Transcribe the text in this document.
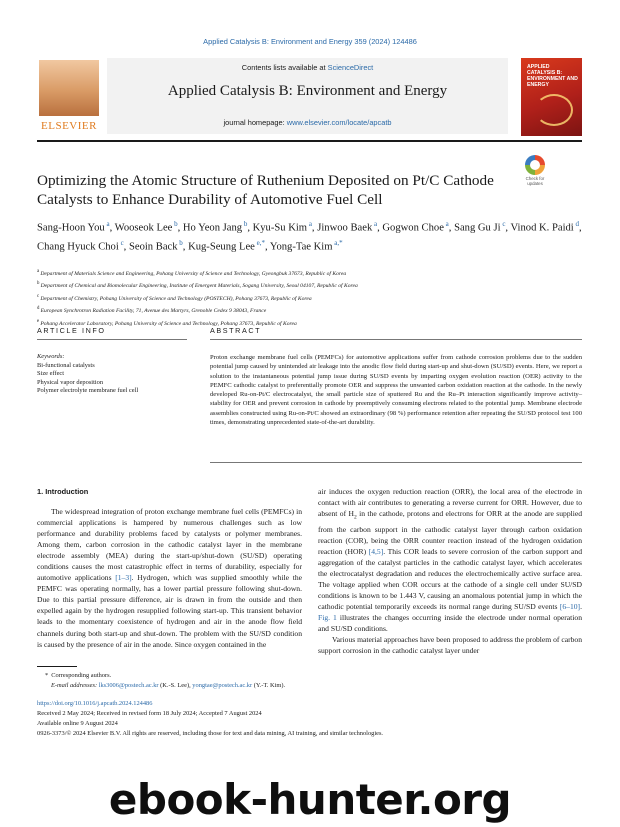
Applied Catalysis B: Environment and Energy 359 (2024) 124486
ELSEVIER
Contents lists available at ScienceDirect
Applied Catalysis B: Environment and Energy
journal homepage: www.elsevier.com/locate/apcatb
APPLIED CATALYSIS B: ENVIRONMENT AND ENERGY
Check for updates
Optimizing the Atomic Structure of Ruthenium Deposited on Pt/C Cathode Catalysts to Enhance Durability of Automotive Fuel Cell
Sang-Hoon You $^a$, Wooseok Lee $^b$, Ho Yeon Jang $^b$, Kyu-Su Kim $^a$, Jinwoo Baek $^a$, Gogwon Choe $^a$, Sang Gu Ji $^c$, Vinod K. Paidi $^d$, Chang Hyuck Choi $^c$, Seoin Back $^b$, Kug-Seung Lee $^{e,*}$, Yong-Tae Kim $^{a,*}$
$^a$ Department of Materials Science and Engineering, Pohang University of Science and Technology, Gyeongbuk 37673, Republic of Korea
$^b$ Department of Chemical and Biomolecular Engineering, Institute of Emergent Materials, Sogang University, Seoul 04107, Republic of Korea
$^c$ Department of Chemistry, Pohang University of Science and Technology (POSTECH), Pohang 37673, Republic of Korea
$^d$ European Synchrotron Radiation Facility, 71, Avenue des Martyrs, Grenoble Cedex 9 38043, France
$^e$ Pohang Accelerator Laboratory, Pohang University of Science and Technology, Pohang 37673, Republic of Korea
ARTICLE INFO	ABSTRACT
Keywords:
Bi-functional catalysts
Size effect
Physical vapor deposition
Polymer electrolyte membrane fuel cell
Proton exchange membrane fuel cells (PEMFCs) for automotive applications suffer from cathode corrosion problems due to the sudden potential jump caused by unintended air leakage into the anodic flow field during start-up and shut-down (SU/SD) events. Here, we report a solution to the instantaneous potential jump issue during SU/SD events by imparting oxygen evolution reaction (OER) activity to the PEMFC cathodic catalyst to preferentially promote OER and suppress the unwanted carbon oxidation reaction at the cathode. In the newly developed Ru-on-Pt/C electrocatalyst, the small particle size of sputtered Ru and the Ru–Pt interaction significantly improve activity–stability for OER and prevent corrosion in cathode by preemptively consuming electrons related to the potential jump. Membrane electrode assemblies constructed using Ru-on-Pt/C showed an extraordinary (98 %) performance retention after repeating the SU/SD protocol test 100 times, demonstrating unprecedented state-of-the-art durability.
1. Introduction

The widespread integration of proton exchange membrane fuel cells (PEMFCs) in commercial applications is hampered by numerous challenges such as low performance and durability problems faced by catalysts or polymer membranes. Among them, carbon corrosion in the cathodic catalyst layer in the membrane electrode assembly (MEA) during the start-up/shut-down (SU/SD) operating conditions causes the most catastrophic effect in terms of durability, especially for automotive applications [1–3]. Hydrogen, which was supplied smoothly while the PEMFC was operating normally, has a lower partial pressure following shut-down. Due to this partial pressure difference, air is drawn in from the outside and then expelled again by the hydrogen resupplied following start-up. This transient behavior leads to the momentary coexistence of hydrogen and air in the anode flow field channels during both start-up and shut-down. The problem with the SU/SD condition is caused by the presence of air in the anode. Since oxygen contained in the

air induces the oxygen reduction reaction (ORR), the local area of the electrode in contact with air contributes to generating a reverse current for ORR. However, due to absent of $H_2$ in the cathode, protons and electrons for ORR at the anode are supplied from the carbon support in the cathodic catalyst layer through carbon oxidation reaction (COR), being the ORR counter reaction instead of the hydrogen oxidation reaction (HOR) [4,5]. This COR leads to severe corrosion of the carbon support and aggregation of the catalyst particles in the cathodic catalyst layer, which accelerates the electrocatalyst degradation and reduces the electrochemically active surface area. The voltage applied when COR occurs at the cathode of a single cell under SU/SD conditions is known to be 1.443 V, causing an anomalous potential jump in which the cathodic potential temporarily exceeds its normal range during SU/SD events [6–10]. Fig. 1 illustrates the changes occurring inside the electrode under normal operation and SU/SD conditions.

Various material approaches have been proposed to address the problem of carbon support corrosion in the cathodic catalyst layer under

* Corresponding authors.
E-mail addresses: lks3006@postech.ac.kr (K.-S. Lee), yongtae@postech.ac.kr (Y.-T. Kim).
https://doi.org/10.1016/j.apcatb.2024.124486
Received 2 May 2024; Received in revised form 18 July 2024; Accepted 7 August 2024
Available online 9 August 2024
0926-3373/© 2024 Elsevier B.V. All rights are reserved, including those for text and data mining, AI training, and similar technologies.
ebook-hunter.org
